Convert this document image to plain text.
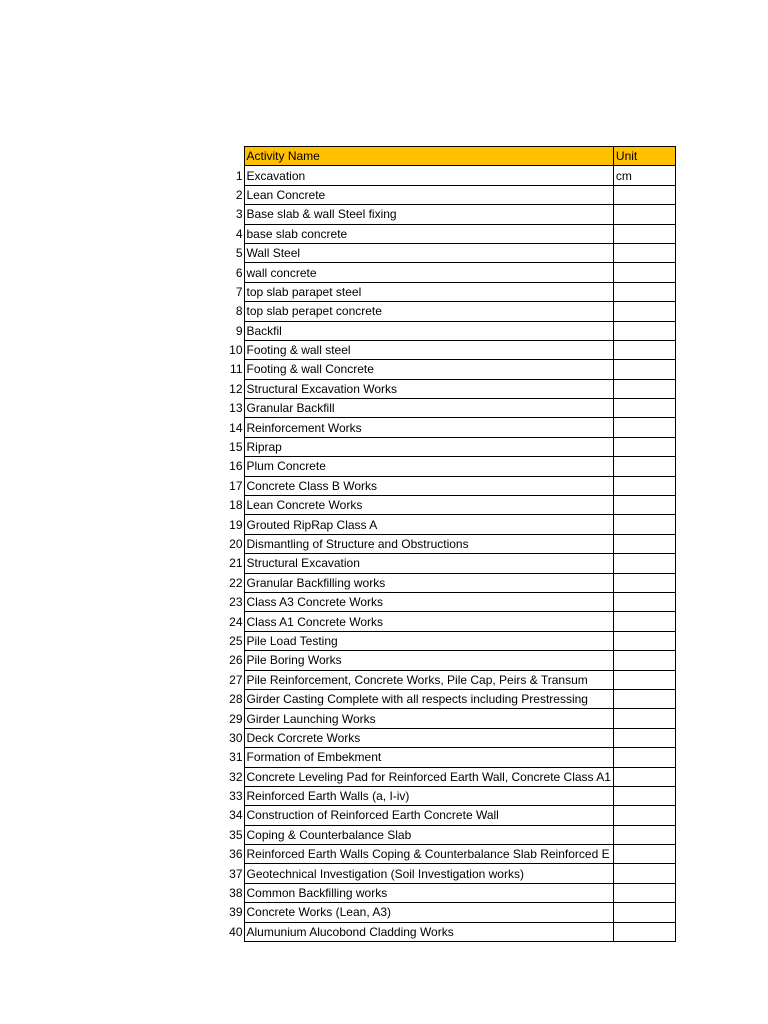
	Activity Name	Unit
1	Excavation	cm
2	Lean Concrete	
3	Base slab & wall Steel fixing	
4	base slab concrete	
5	Wall Steel	
6	wall concrete	
7	top slab parapet steel	
8	top slab perapet concrete	
9	Backfil	
10	Footing & wall steel	
11	Footing & wall Concrete	
12	Structural Excavation Works	
13	Granular Backfill	
14	Reinforcement Works	
15	Riprap	
16	Plum Concrete	
17	Concrete Class B Works	
18	Lean Concrete Works	
19	Grouted RipRap Class A	
20	Dismantling of Structure and Obstructions	
21	Structural Excavation	
22	Granular Backfilling works	
23	Class A3 Concrete Works	
24	Class A1 Concrete Works	
25	Pile Load Testing	
26	Pile Boring Works	
27	Pile Reinforcement, Concrete Works, Pile Cap, Peirs & Transum	
28	Girder Casting Complete with all respects including Prestressing	
29	Girder Launching Works	
30	Deck Corcrete Works	
31	Formation of Embekment	
32	Concrete Leveling Pad for Reinforced Earth Wall, Concrete Class A1	
33	Reinforced Earth Walls (a, I-iv)	
34	Construction of Reinforced Earth Concrete Wall	
35	Coping & Counterbalance Slab	
36	Reinforced Earth Walls Coping & Counterbalance Slab Reinforced E	
37	Geotechnical Investigation (Soil Investigation works)	
38	Common Backfilling works	
39	Concrete Works (Lean, A3)	
40	Alumunium Alucobond Cladding Works	
